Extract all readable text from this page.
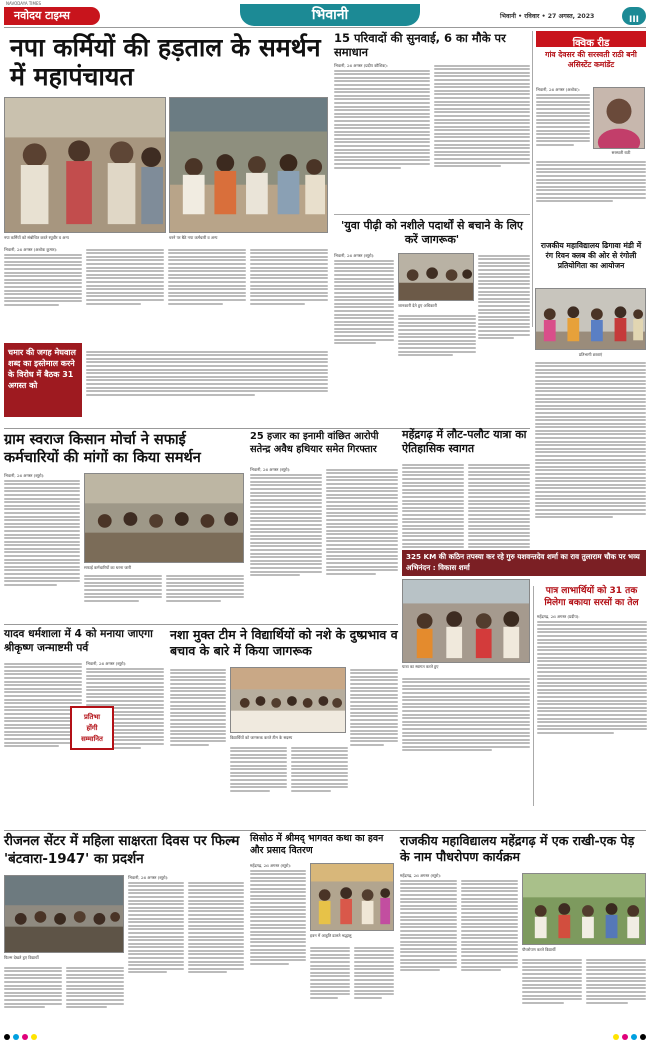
NAVODAYA TIMES
नवोदय टाइम्स	भिवानी	भिवानी • रविवार • 27 अगस्त, 2023	III
नपा कर्मियों की हड़ताल के समर्थन में महापंचायत
नपा कर्मियों को संबोधित करते रघुवीर व अन्य	धरने पर बैठे नपा कर्मचारी व अन्य
भिवानी, 26 अगस्त (अशोक कुमार):
चमार की जगह मेघवाल शब्द का इस्तेमाल करने के विरोध में बैठक 31 अगस्त को
15 परिवादों की सुनवाई, 6 का मौके पर समाधान
भिवानी, 26 अगस्त (प्रदीप कौशिक):
क्विक रीड
गांव देवसर की सरस्वती राठी बनी असिस्टेंट कमांडेंट
सरस्वती राठी
भिवानी, 26 अगस्त (अशोक):
राजकीय महाविद्यालय ढिगावा मंडी में रंग रिवन क्लब की ओर से रंगोली प्रतियोगिता का आयोजन
'युवा पीढ़ी को नशीले पदार्थों से बचाने के लिए करें जागरूक'
भिवानी, 26 अगस्त (ब्यूरो):
जानकारी देते हुए अधिकारी
प्रतिभागी छात्राएं
ग्राम स्वराज किसान मोर्चा ने सफाई कर्मचारियों की मांगों का किया समर्थन
भिवानी, 26 अगस्त (ब्यूरो):
सफाई कर्मचारियों का धरना जारी
25 हजार का इनामी वांछित आरोपी सतेन्द्र अवैध हथियार समेत गिरफ्तार
भिवानी, 26 अगस्त (ब्यूरो):
महेंद्रगढ़ में लौट-पलौट यात्रा का ऐतिहासिक स्वागत
325 KM की कठिन तपस्या कर रहे गुरु यशवन्तदेव शर्मा का राव तुलाराम चौक पर भव्य अभिनंदन : विकास शर्मा
यात्रा का स्वागत करते हुए
पात्र लाभार्थियों को 31 तक मिलेगा बकाया सरसों का तेल
महेंद्रगढ़, 26 अगस्त (प्रदीप):
यादव धर्मशाला में 4 को मनाया जाएगा श्रीकृष्ण जन्माष्टमी पर्व
भिवानी, 26 अगस्त (ब्यूरो):
प्रतिभा
होंगी
सम्मानित
नशा मुक्त टीम ने विद्यार्थियों को नशे के दुष्प्रभाव व बचाव के बारे में किया जागरूक
विद्यार्थियों को जागरूक करते टीम के सदस्य
रीजनल सेंटर में महिला साक्षरता दिवस पर फिल्म 'बंटवारा-1947' का प्रदर्शन
फिल्म देखते हुए विद्यार्थी
भिवानी, 26 अगस्त (ब्यूरो):
सिसोठ में श्रीमद् भागवत कथा का हवन और प्रसाद वितरण
महेंद्रगढ़, 26 अगस्त (ब्यूरो):
हवन में आहुति डालते श्रद्धालु
राजकीय महाविद्यालय महेंद्रगढ़ में एक राखी-एक पेड़ के नाम पौधरोपण कार्यक्रम
महेंद्रगढ़, 26 अगस्त (ब्यूरो):
पौधरोपण करते विद्यार्थी
